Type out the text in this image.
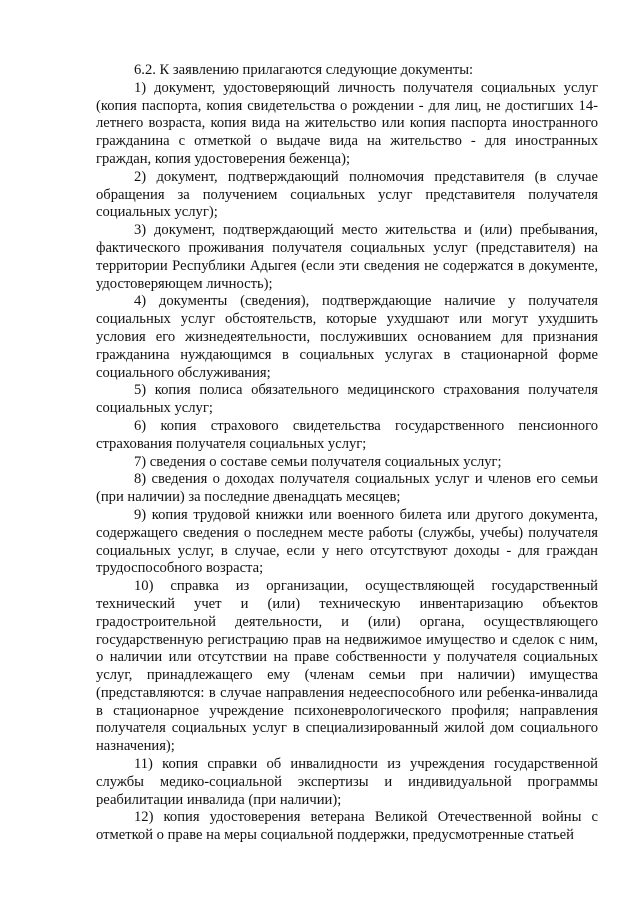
6.2. К заявлению прилагаются следующие документы:

1) документ, удостоверяющий личность получателя социальных услуг (копия паспорта, копия свидетельства о рождении - для лиц, не достигших 14-летнего возраста, копия вида на жительство или копия паспорта иностранного гражданина с отметкой о выдаче вида на жительство - для иностранных граждан, копия удостоверения беженца);

2) документ, подтверждающий полномочия представителя (в случае обращения за получением социальных услуг представителя получателя социальных услуг);

3) документ, подтверждающий место жительства и (или) пребывания, фактического проживания получателя социальных услуг (представителя) на территории Республики Адыгея (если эти сведения не содержатся в документе, удостоверяющем личность);

4) документы (сведения), подтверждающие наличие у получателя социальных услуг обстоятельств, которые ухудшают или могут ухудшить условия его жизнедеятельности, послуживших основанием для признания гражданина нуждающимся в социальных услугах в стационарной форме социального обслуживания;

5) копия полиса обязательного медицинского страхования получателя социальных услуг;

6) копия страхового свидетельства государственного пенсионного страхования получателя социальных услуг;

7) сведения о составе семьи получателя социальных услуг;

8) сведения о доходах получателя социальных услуг и членов его семьи (при наличии) за последние двенадцать месяцев;

9) копия трудовой книжки или военного билета или другого документа, содержащего сведения о последнем месте работы (службы, учебы) получателя социальных услуг, в случае, если у него отсутствуют доходы - для граждан трудоспособного возраста;

10) справка из организации, осуществляющей государственный технический учет и (или) техническую инвентаризацию объектов градостроительной деятельности, и (или) органа, осуществляющего государственную регистрацию прав на недвижимое имущество и сделок с ним, о наличии или отсутствии на праве собственности у получателя социальных услуг, принадлежащего ему (членам семьи при наличии) имущества (представляются: в случае направления недееспособного или ребенка-инвалида в стационарное учреждение психоневрологического профиля; направления получателя социальных услуг в специализированный жилой дом социального назначения);

11) копия справки об инвалидности из учреждения государственной службы медико-социальной экспертизы и индивидуальной программы реабилитации инвалида (при наличии);

12) копия удостоверения ветерана Великой Отечественной войны с отметкой о праве на меры социальной поддержки, предусмотренные статьей
